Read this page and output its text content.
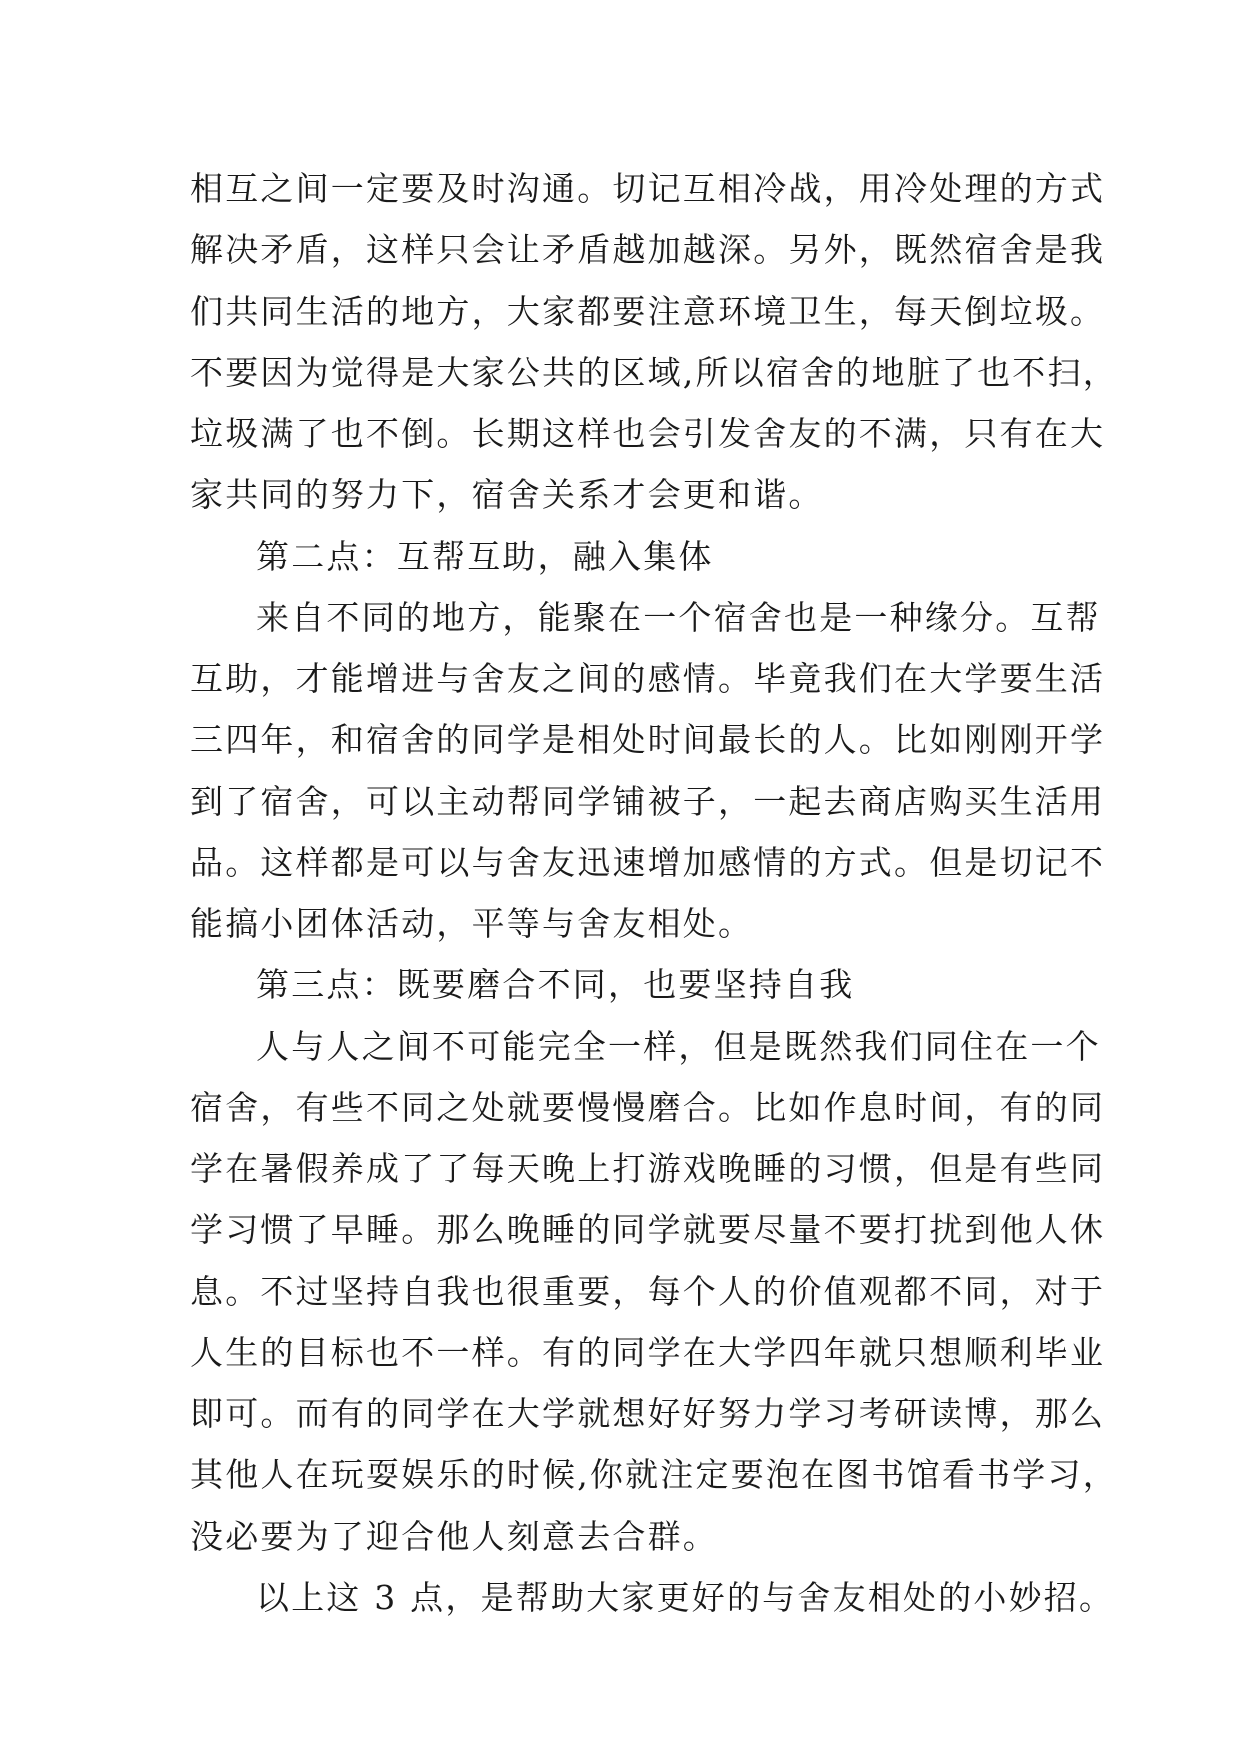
相互之间一定要及时沟通。切记互相冷战，用冷处理的方式
解决矛盾，这样只会让矛盾越加越深。另外，既然宿舍是我
们共同生活的地方，大家都要注意环境卫生，每天倒垃圾。
不要因为觉得是大家公共的区域,所以宿舍的地脏了也不扫，
垃圾满了也不倒。长期这样也会引发舍友的不满，只有在大
家共同的努力下，宿舍关系才会更和谐。
第二点：互帮互助，融入集体
来自不同的地方，能聚在一个宿舍也是一种缘分。互帮
互助，才能增进与舍友之间的感情。毕竟我们在大学要生活
三四年，和宿舍的同学是相处时间最长的人。比如刚刚开学
到了宿舍，可以主动帮同学铺被子，一起去商店购买生活用
品。这样都是可以与舍友迅速增加感情的方式。但是切记不
能搞小团体活动，平等与舍友相处。
第三点：既要磨合不同，也要坚持自我
人与人之间不可能完全一样，但是既然我们同住在一个
宿舍，有些不同之处就要慢慢磨合。比如作息时间，有的同
学在暑假养成了了每天晚上打游戏晚睡的习惯，但是有些同
学习惯了早睡。那么晚睡的同学就要尽量不要打扰到他人休
息。不过坚持自我也很重要，每个人的价值观都不同，对于
人生的目标也不一样。有的同学在大学四年就只想顺利毕业
即可。而有的同学在大学就想好好努力学习考研读博，那么
其他人在玩耍娱乐的时候,你就注定要泡在图书馆看书学习，
没必要为了迎合他人刻意去合群。
以上这 3 点，是帮助大家更好的与舍友相处的小妙招。
